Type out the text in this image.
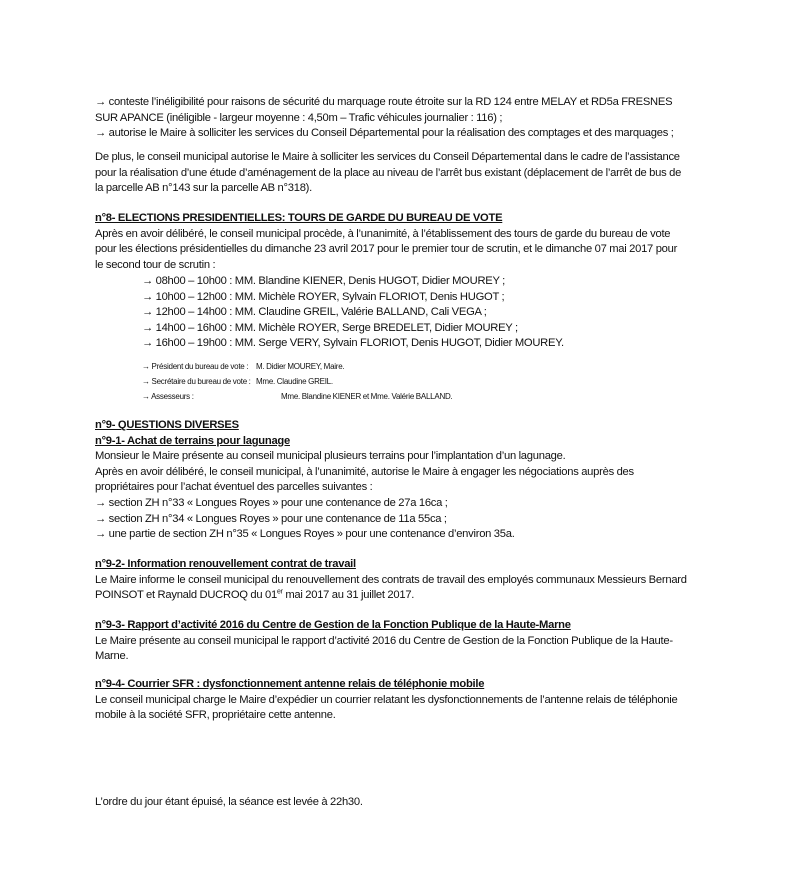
→ conteste l’inéligibilité pour raisons de sécurité du marquage route étroite sur la RD 124 entre MELAY et RD5a FRESNES
SUR APANCE (inéligible - largeur moyenne : 4,50m – Trafic véhicules journalier : 116) ;
→ autorise le Maire à solliciter les services du Conseil Départemental pour la réalisation des comptages et des marquages ;
De plus, le conseil municipal autorise le Maire à solliciter les services du Conseil Départemental dans le cadre de l’assistance
pour la réalisation d’une étude d’aménagement de la place au niveau de l’arrêt bus existant (déplacement de l’arrêt de bus de
la parcelle AB n°143 sur la parcelle AB n°318).
n°8- ELECTIONS PRESIDENTIELLES: TOURS DE GARDE DU BUREAU DE VOTE
Après en avoir délibéré, le conseil municipal procède, à l’unanimité, à l’établissement des tours de garde du bureau de vote
pour les élections présidentielles du dimanche 23 avril 2017 pour le premier tour de scrutin, et le dimanche 07 mai 2017 pour
le second tour de scrutin :
→ 08h00 – 10h00 : MM. Blandine KIENER, Denis HUGOT, Didier MOUREY ;
→ 10h00 – 12h00 : MM. Michèle ROYER, Sylvain FLORIOT, Denis HUGOT ;
→ 12h00 – 14h00 : MM. Claudine GREIL, Valérie BALLAND, Cali VEGA ;
→ 14h00 – 16h00 : MM. Michèle ROYER, Serge BREDELET, Didier MOUREY ;
→ 16h00 – 19h00 : MM. Serge VERY, Sylvain FLORIOT, Denis HUGOT, Didier MOUREY.
→ Président du bureau de vote : M. Didier MOUREY, Maire.
→ Secrétaire du bureau de vote : Mme. Claudine GREIL.
→ Assesseurs :	Mme. Blandine KIENER et Mme. Valérie BALLAND.
n°9- QUESTIONS DIVERSES
n°9-1- Achat de terrains pour lagunage
Monsieur le Maire présente au conseil municipal plusieurs terrains pour l’implantation d’un lagunage.
Après en avoir délibéré, le conseil municipal, à l’unanimité, autorise le Maire à engager les négociations auprès des
propriétaires pour l’achat éventuel des parcelles suivantes :
→ section ZH n°33 « Longues Royes » pour une contenance de 27a 16ca ;
→ section ZH n°34 « Longues Royes » pour une contenance de 11a 55ca ;
→ une partie de section ZH n°35 « Longues Royes » pour une contenance d’environ 35a.
n°9-2- Information renouvellement contrat de travail
Le Maire informe le conseil municipal du renouvellement des contrats de travail des employés communaux Messieurs Bernard
POINSOT et Raynald DUCROQ du 01er mai 2017 au 31 juillet 2017.
n°9-3- Rapport d’activité 2016 du Centre de Gestion de la Fonction Publique de la Haute-Marne
Le Maire présente au conseil municipal le rapport d’activité 2016 du Centre de Gestion de la Fonction Publique de la Haute-
Marne.
n°9-4- Courrier SFR : dysfonctionnement antenne relais de téléphonie mobile
Le conseil municipal charge le Maire d’expédier un courrier relatant les dysfonctionnements de l’antenne relais de téléphonie
mobile à la société SFR, propriétaire cette antenne.
L’ordre du jour étant épuisé, la séance est levée à 22h30.
